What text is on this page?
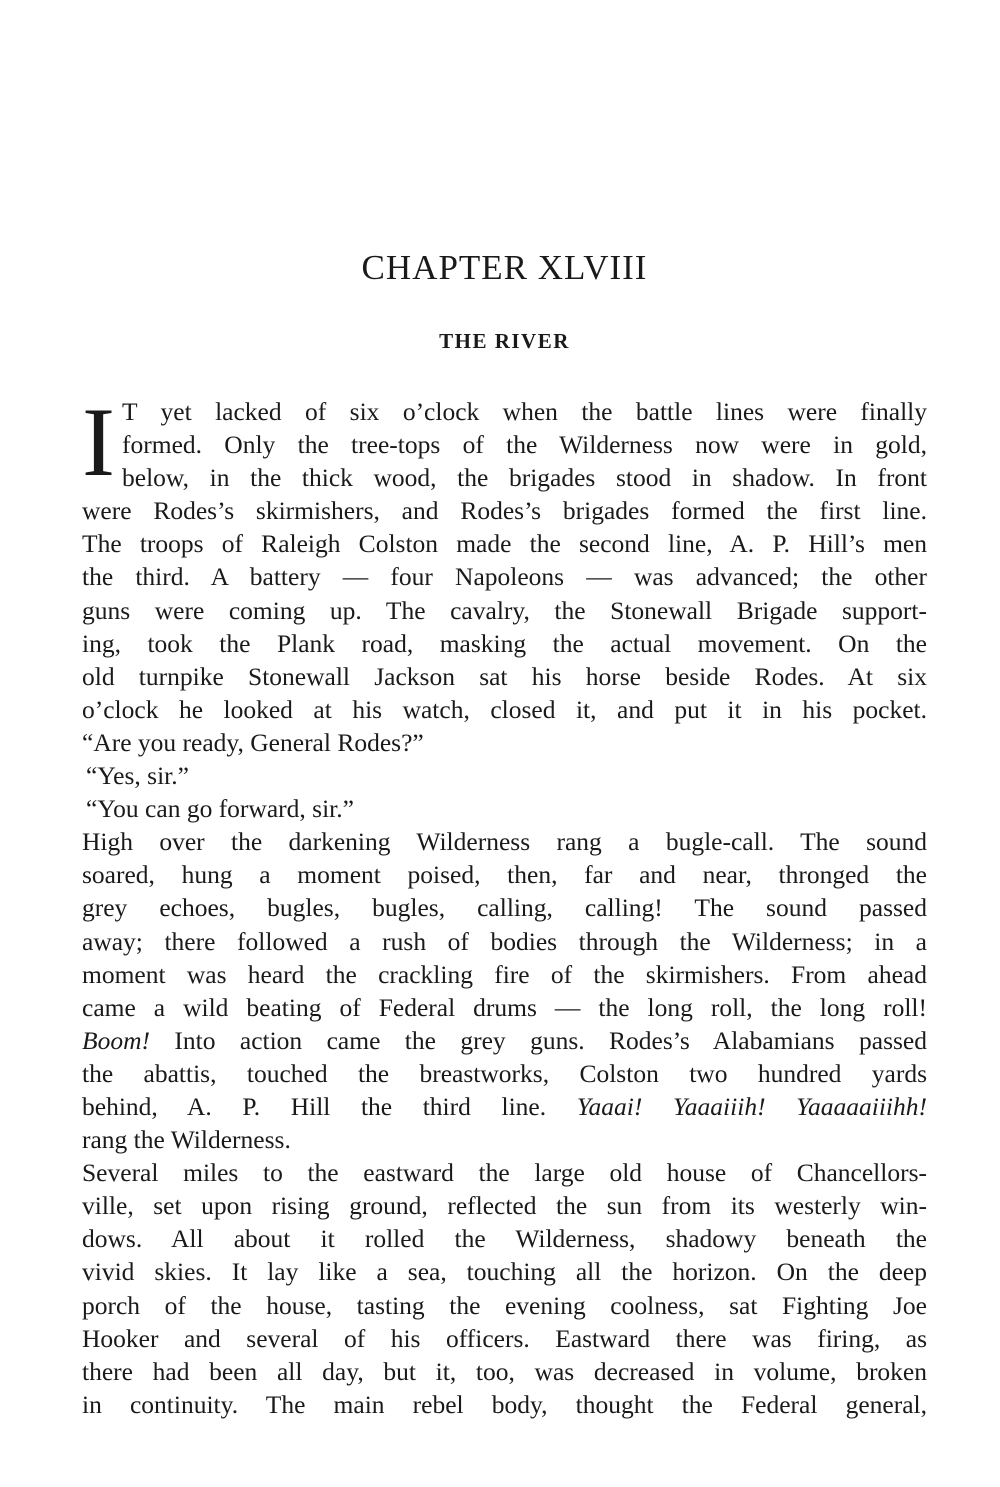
CHAPTER XLVIII
THE RIVER

I T yet lacked of six o’clock when the battle lines were finally
formed. Only the tree-tops of the Wilderness now were in gold,
below, in the thick wood, the brigades stood in shadow. In front
were Rodes’s skirmishers, and Rodes’s brigades formed the first line.
The troops of Raleigh Colston made the second line, A. P. Hill’s men
the third. A battery — four Napoleons — was advanced; the other
guns were coming up. The cavalry, the Stonewall Brigade support-
ing, took the Plank road, masking the actual movement. On the
old turnpike Stonewall Jackson sat his horse beside Rodes. At six
o’clock he looked at his watch, closed it, and put it in his pocket.
“Are you ready, General Rodes?”

“Yes, sir.”

“You can go forward, sir.”

High over the darkening Wilderness rang a bugle-call. The sound
soared, hung a moment poised, then, far and near, thronged the
grey echoes, bugles, bugles, calling, calling! The sound passed
away; there followed a rush of bodies through the Wilderness; in a
moment was heard the crackling fire of the skirmishers. From ahead
came a wild beating of Federal drums — the long roll, the long roll!
Boom! Into action came the grey guns. Rodes’s Alabamians passed
the abattis, touched the breastworks, Colston two hundred yards
behind, A. P. Hill the third line. Yaaai! Yaaaiiih! Yaaaaaiiihh!
rang the Wilderness.

Several miles to the eastward the large old house of Chancellors-
ville, set upon rising ground, reflected the sun from its westerly win-
dows. All about it rolled the Wilderness, shadowy beneath the
vivid skies. It lay like a sea, touching all the horizon. On the deep
porch of the house, tasting the evening coolness, sat Fighting Joe
Hooker and several of his officers. Eastward there was firing, as
there had been all day, but it, too, was decreased in volume, broken
in continuity. The main rebel body, thought the Federal general,
